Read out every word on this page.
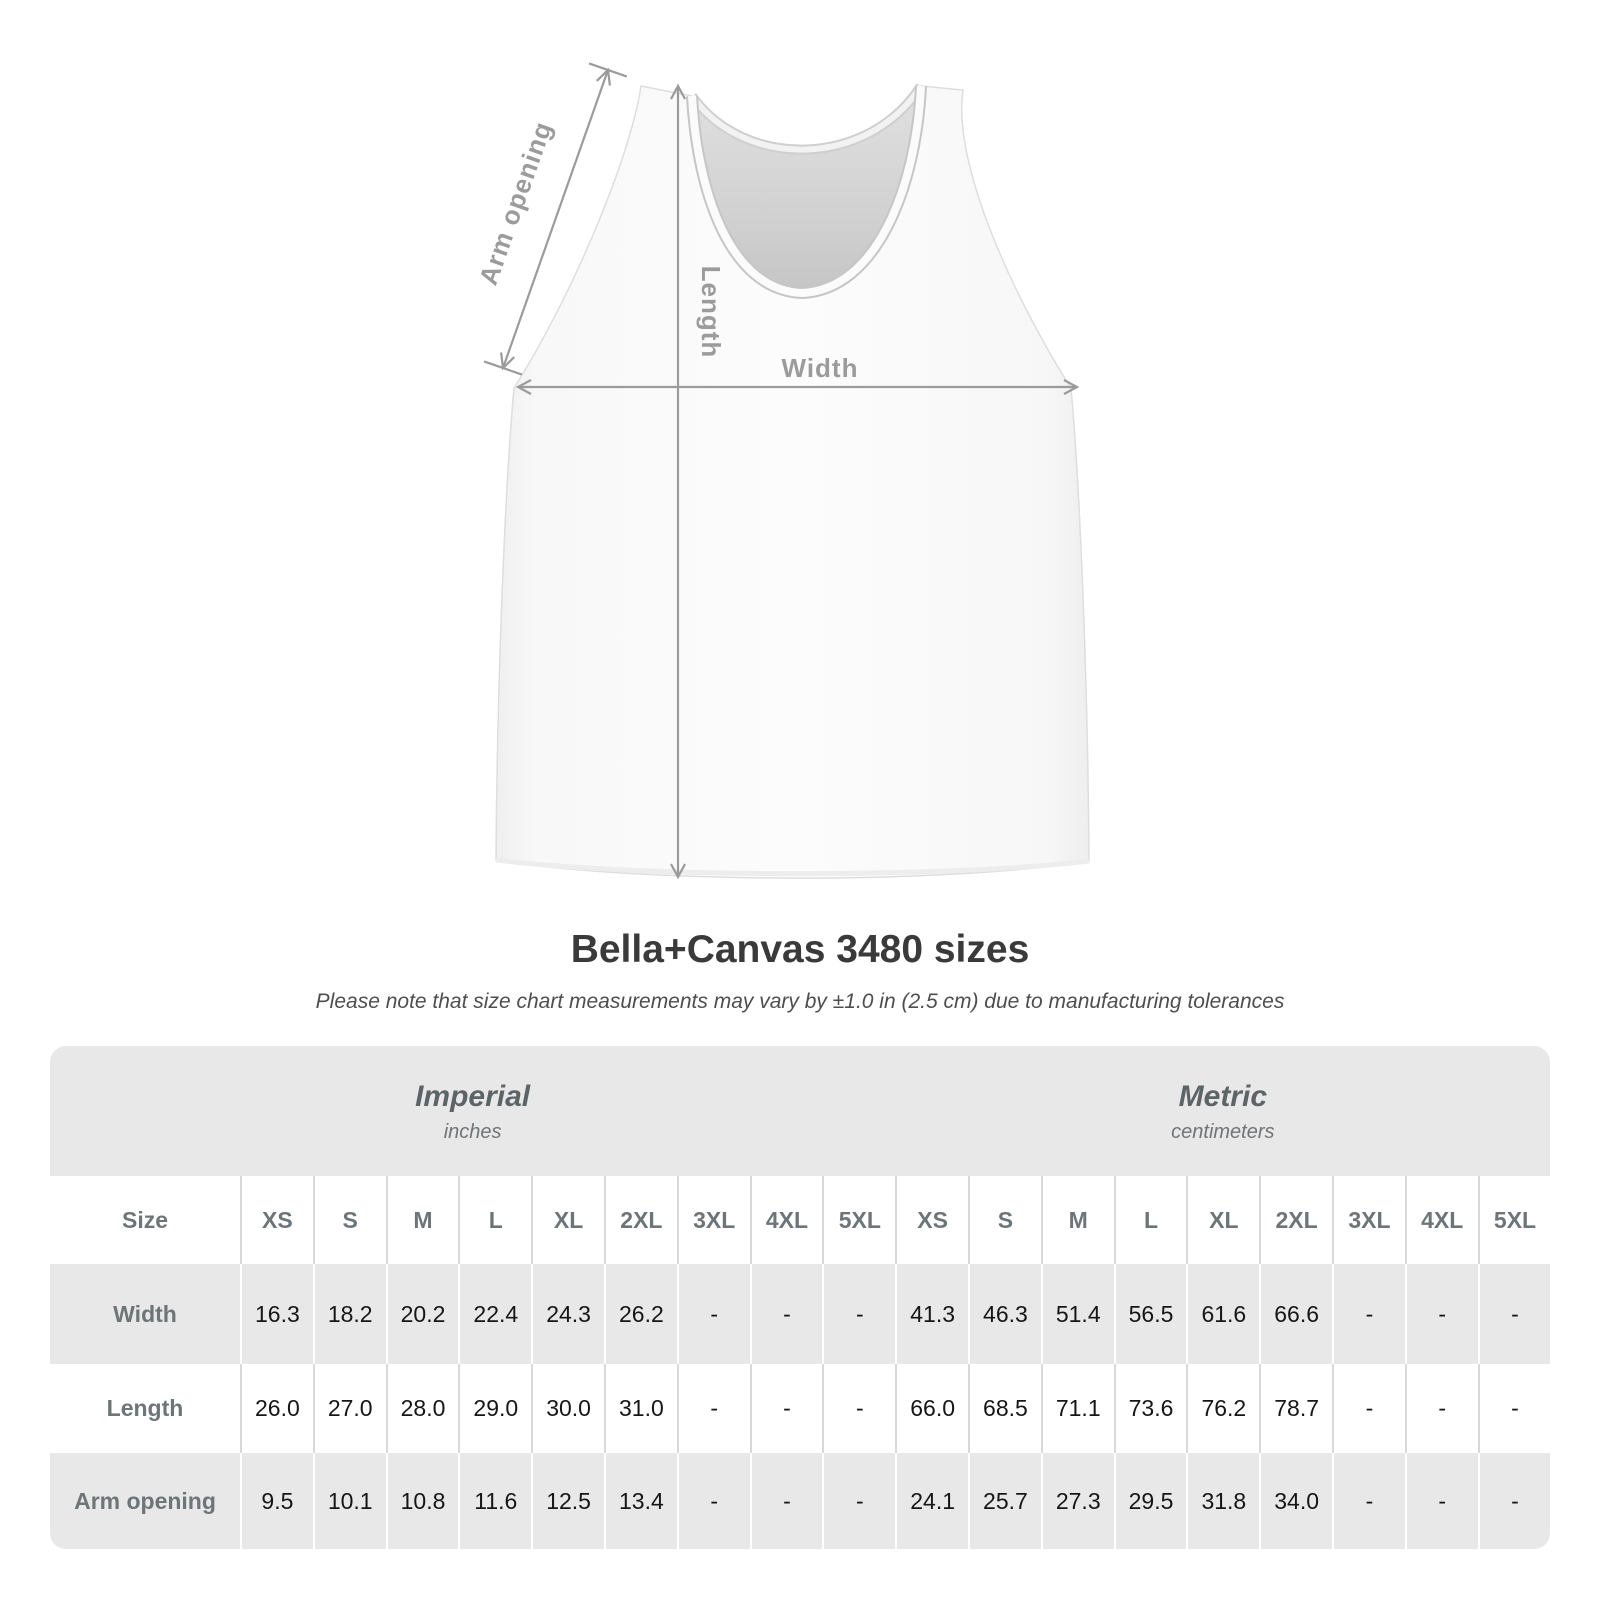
Arm opening
Length
Width
Bella+Canvas 3480 sizes

Please note that size chart measurements may vary by ±1.0 in (2.5 cm) due to manufacturing tolerances

Imperial
inches

Metric
centimeters

Size	XS	S	M	L	XL	2XL	3XL	4XL	5XL	XS	S	M	L	XL	2XL	3XL	4XL	5XL
Width	16.3	18.2	20.2	22.4	24.3	26.2	-	-	-	41.3	46.3	51.4	56.5	61.6	66.6	-	-	-
Length	26.0	27.0	28.0	29.0	30.0	31.0	-	-	-	66.0	68.5	71.1	73.6	76.2	78.7	-	-	-
Arm opening	9.5	10.1	10.8	11.6	12.5	13.4	-	-	-	24.1	25.7	27.3	29.5	31.8	34.0	-	-	-
